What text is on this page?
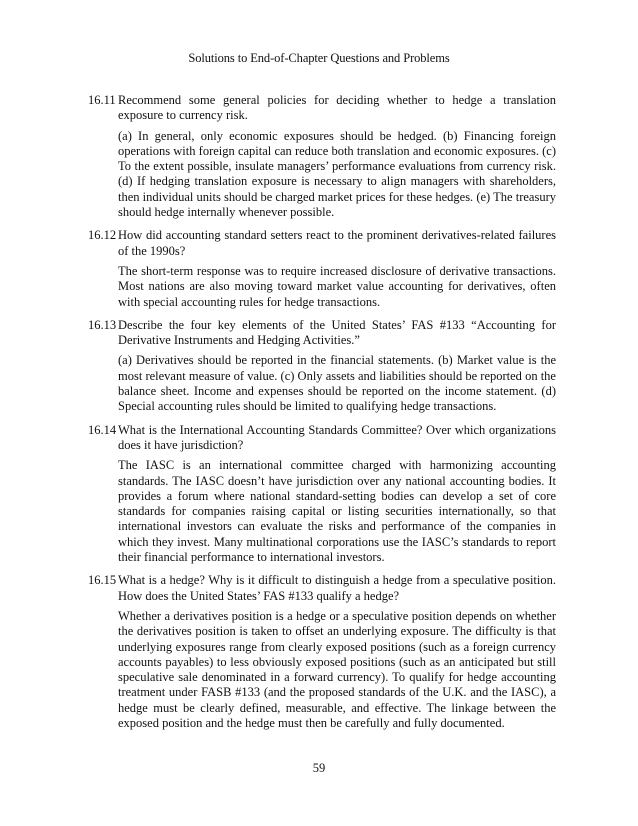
Solutions to End-of-Chapter Questions and Problems
16.11 Recommend some general policies for deciding whether to hedge a translation exposure to currency risk.
(a) In general, only economic exposures should be hedged. (b) Financing foreign operations with foreign capital can reduce both translation and economic exposures. (c) To the extent possible, insulate managers’ performance evaluations from currency risk. (d) If hedging translation exposure is necessary to align managers with shareholders, then individual units should be charged market prices for these hedges. (e) The treasury should hedge internally whenever possible.
16.12 How did accounting standard setters react to the prominent derivatives-related failures of the 1990s?
The short-term response was to require increased disclosure of derivative transactions. Most nations are also moving toward market value accounting for derivatives, often with special accounting rules for hedge transactions.
16.13 Describe the four key elements of the United States’ FAS #133 “Accounting for Derivative Instruments and Hedging Activities.”
(a) Derivatives should be reported in the financial statements. (b) Market value is the most relevant measure of value. (c) Only assets and liabilities should be reported on the balance sheet. Income and expenses should be reported on the income statement. (d) Special accounting rules should be limited to qualifying hedge transactions.
16.14 What is the International Accounting Standards Committee? Over which organizations does it have jurisdiction?
The IASC is an international committee charged with harmonizing accounting standards. The IASC doesn’t have jurisdiction over any national accounting bodies. It provides a forum where national standard-setting bodies can develop a set of core standards for companies raising capital or listing securities internationally, so that international investors can evaluate the risks and performance of the companies in which they invest. Many multinational corporations use the IASC’s standards to report their financial performance to international investors.
16.15 What is a hedge? Why is it difficult to distinguish a hedge from a speculative position. How does the United States’ FAS #133 qualify a hedge?
Whether a derivatives position is a hedge or a speculative position depends on whether the derivatives position is taken to offset an underlying exposure. The difficulty is that underlying exposures range from clearly exposed positions (such as a foreign currency accounts payables) to less obviously exposed positions (such as an anticipated but still speculative sale denominated in a forward currency). To qualify for hedge accounting treatment under FASB #133 (and the proposed standards of the U.K. and the IASC), a hedge must be clearly defined, measurable, and effective. The linkage between the exposed position and the hedge must then be carefully and fully documented.
59
